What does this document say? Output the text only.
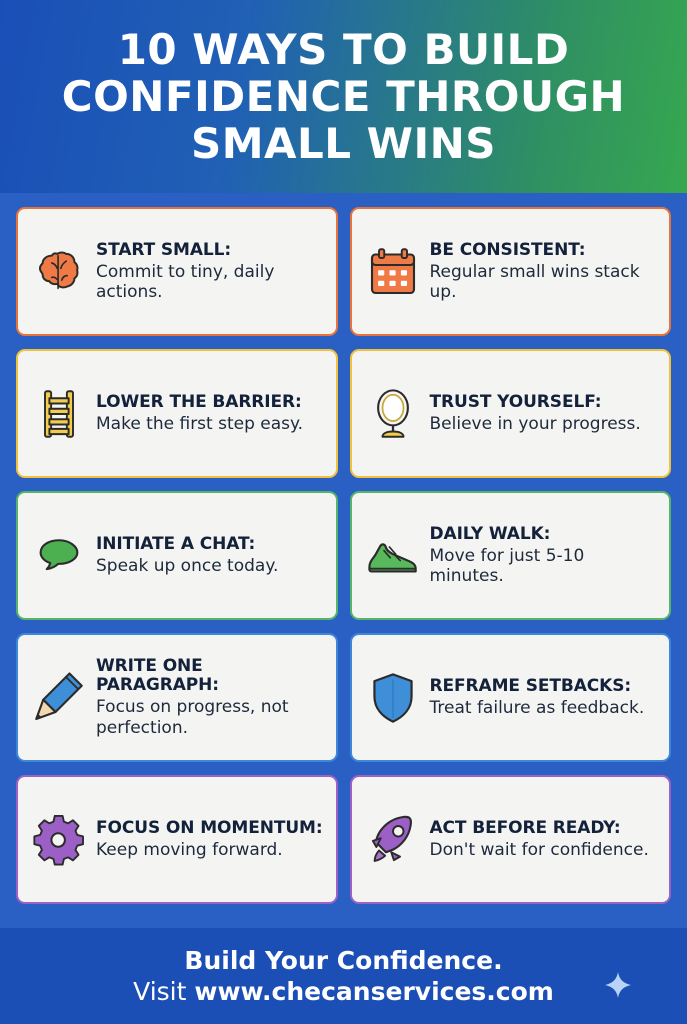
10 WAYS TO BUILD CONFIDENCE THROUGH SMALL WINS
START SMALL:
Commit to tiny, daily actions.
BE CONSISTENT:
Regular small wins stack up.
LOWER THE BARRIER:
Make the first step easy.
TRUST YOURSELF:
Believe in your progress.
INITIATE A CHAT:
Speak up once today.
DAILY WALK:
Move for just 5-10 minutes.
WRITE ONE PARAGRAPH:
Focus on progress, not perfection.
REFRAME SETBACKS:
Treat failure as feedback.
FOCUS ON MOMENTUM:
Keep moving forward.
ACT BEFORE READY:
Don't wait for confidence.
Build Your Confidence.
Visit www.checanservices.com
